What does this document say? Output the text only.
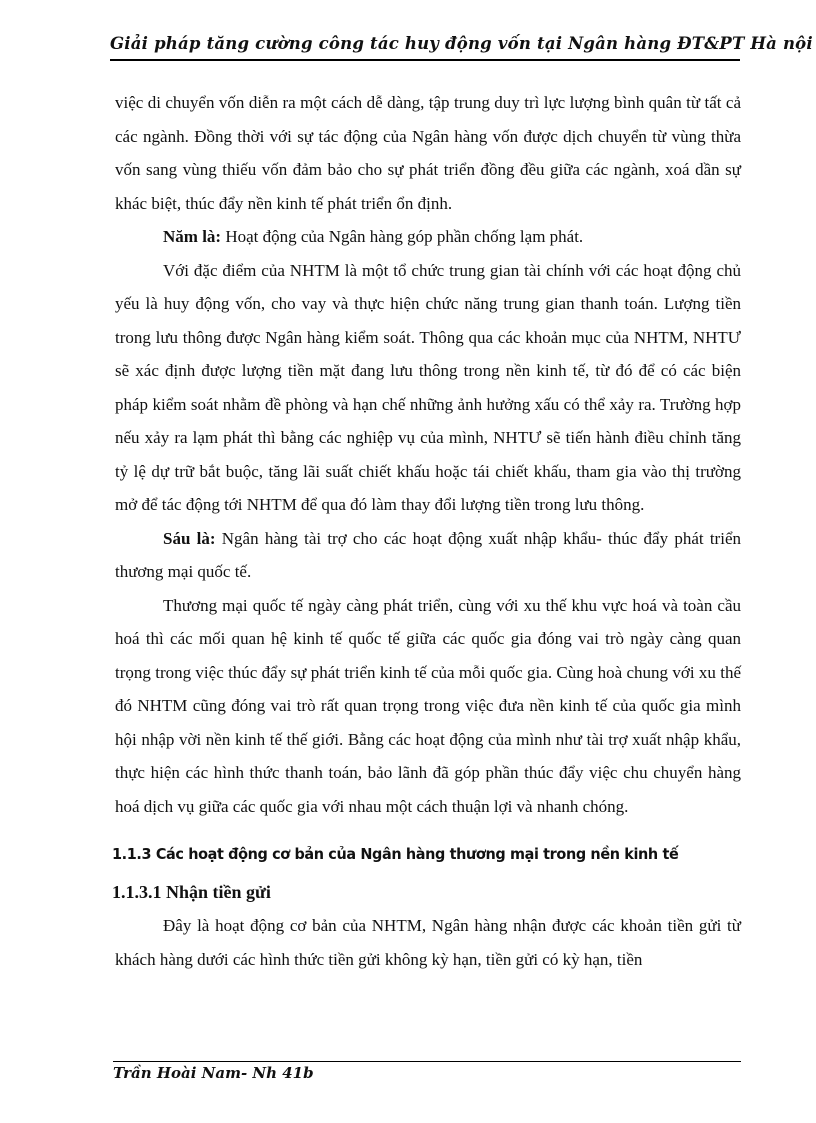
Giải pháp tăng cường công tác huy động vốn tại Ngân hàng ĐT&PT Hà nội

việc di chuyển vốn diễn ra một cách dễ dàng, tập trung duy trì lực lượng bình quân từ tất cả các ngành. Đồng thời với sự tác động của Ngân hàng vốn được dịch chuyển từ vùng thừa vốn sang vùng thiếu vốn đảm bảo cho sự phát triển đồng đều giữa các ngành, xoá dần sự khác biệt, thúc đẩy nền kinh tế phát triển ổn định.

Năm là: Hoạt động của Ngân hàng góp phần chống lạm phát.

Với đặc điểm của NHTM là một tổ chức trung gian tài chính với các hoạt động chủ yếu là huy động vốn, cho vay và thực hiện chức năng trung gian thanh toán. Lượng tiền trong lưu thông được Ngân hàng kiểm soát. Thông qua các khoản mục của NHTM, NHTƯ sẽ xác định được lượng tiền mặt đang lưu thông trong nền kinh tế, từ đó để có các biện pháp kiểm soát nhằm đề phòng và hạn chế những ảnh hưởng xấu có thể xảy ra. Trường hợp nếu xảy ra lạm phát thì bằng các nghiệp vụ của mình, NHTƯ sẽ tiến hành điều chỉnh tăng tỷ lệ dự trữ bắt buộc, tăng lãi suất chiết khấu hoặc tái chiết khấu, tham gia vào thị trường mở để tác động tới NHTM để qua đó làm thay đổi lượng tiền trong lưu thông.

Sáu là: Ngân hàng tài trợ cho các hoạt động xuất nhập khẩu- thúc đẩy phát triển thương mại quốc tế.

Thương mại quốc tế ngày càng phát triển, cùng với xu thế khu vực hoá và toàn cầu hoá thì các mối quan hệ kinh tế quốc tế giữa các quốc gia đóng vai trò ngày càng quan trọng trong việc thúc đẩy sự phát triển kinh tế của mỗi quốc gia. Cùng hoà chung với xu thế đó NHTM cũng đóng vai trò rất quan trọng trong việc đưa nền kinh tế của quốc gia mình hội nhập vời nền kinh tế thế giới. Bằng các hoạt động của mình như tài trợ xuất nhập khẩu, thực hiện các hình thức thanh toán, bảo lãnh đã góp phần thúc đẩy việc chu chuyển hàng hoá dịch vụ giữa các quốc gia với nhau một cách thuận lợi và nhanh chóng.

1.1.3 Các hoạt động cơ bản của Ngân hàng thương mại trong nền kinh tế
1.1.3.1 Nhận tiền gửi

Đây là hoạt động cơ bản của NHTM, Ngân hàng nhận được các khoản tiền gửi từ khách hàng dưới các hình thức tiền gửi không kỳ hạn, tiền gửi có kỳ hạn, tiền

Trần Hoài Nam- Nh 41b
